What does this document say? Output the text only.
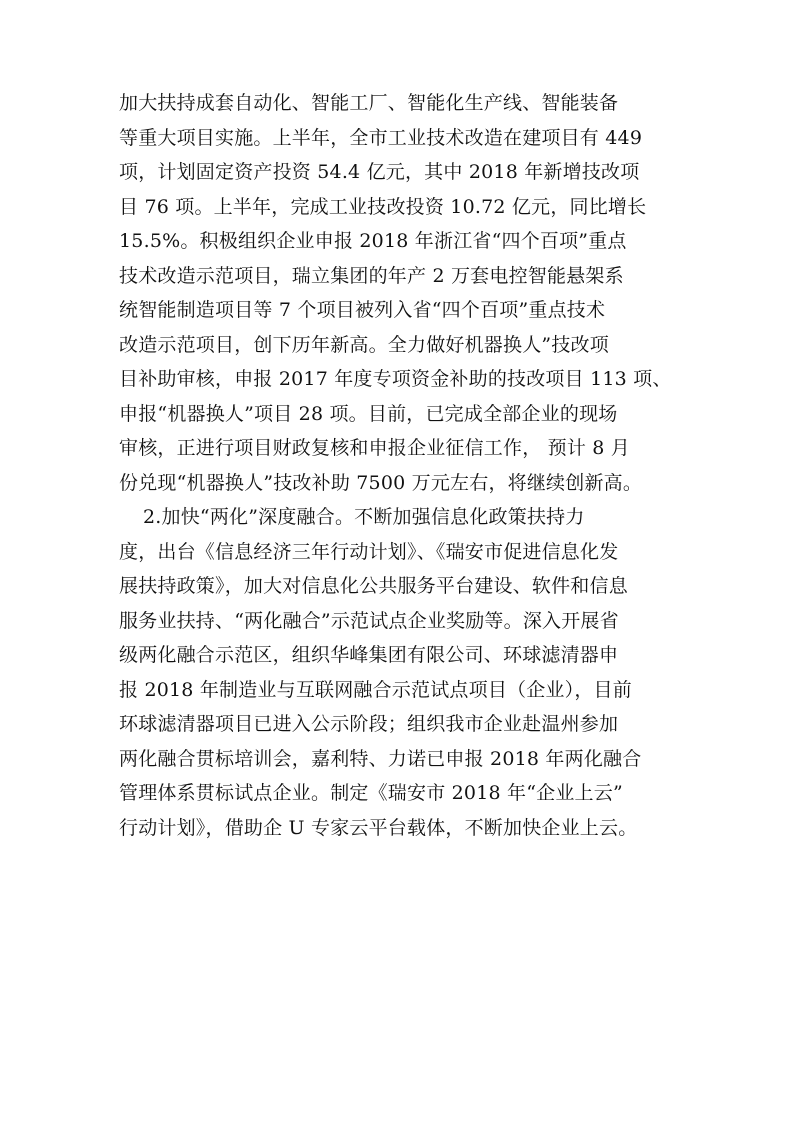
加大扶持成套自动化、智能工厂、智能化生产线、智能装备
等重大项目实施。上半年，全市工业技术改造在建项目有 449
项，计划固定资产投资 54.4 亿元，其中 2018 年新增技改项
目 76 项。上半年，完成工业技改投资 10.72 亿元，同比增长
15.5%。积极组织企业申报 2018 年浙江省“四个百项”重点
技术改造示范项目，瑞立集团的年产 2 万套电控智能悬架系
统智能制造项目等 7 个项目被列入省“四个百项”重点技术
改造示范项目，创下历年新高。全力做好机器换人”技改项
目补助审核，申报 2017 年度专项资金补助的技改项目 113 项、
申报“机器换人”项目 28 项。目前，已完成全部企业的现场
审核，正进行项目财政复核和申报企业征信工作， 预计 8 月
份兑现“机器换人”技改补助 7500 万元左右，将继续创新高。
2.加快“两化”深度融合。不断加强信息化政策扶持力
度，出台《信息经济三年行动计划》、《瑞安市促进信息化发
展扶持政策》，加大对信息化公共服务平台建设、软件和信息
服务业扶持、“两化融合”示范试点企业奖励等。深入开展省
级两化融合示范区，组织华峰集团有限公司、环球滤清器申
报 2018 年制造业与互联网融合示范试点项目（企业），目前
环球滤清器项目已进入公示阶段；组织我市企业赴温州参加
两化融合贯标培训会，嘉利特、力诺已申报 2018 年两化融合
管理体系贯标试点企业。制定《瑞安市 2018 年“企业上云”
行动计划》，借助企 U 专家云平台载体，不断加快企业上云。
